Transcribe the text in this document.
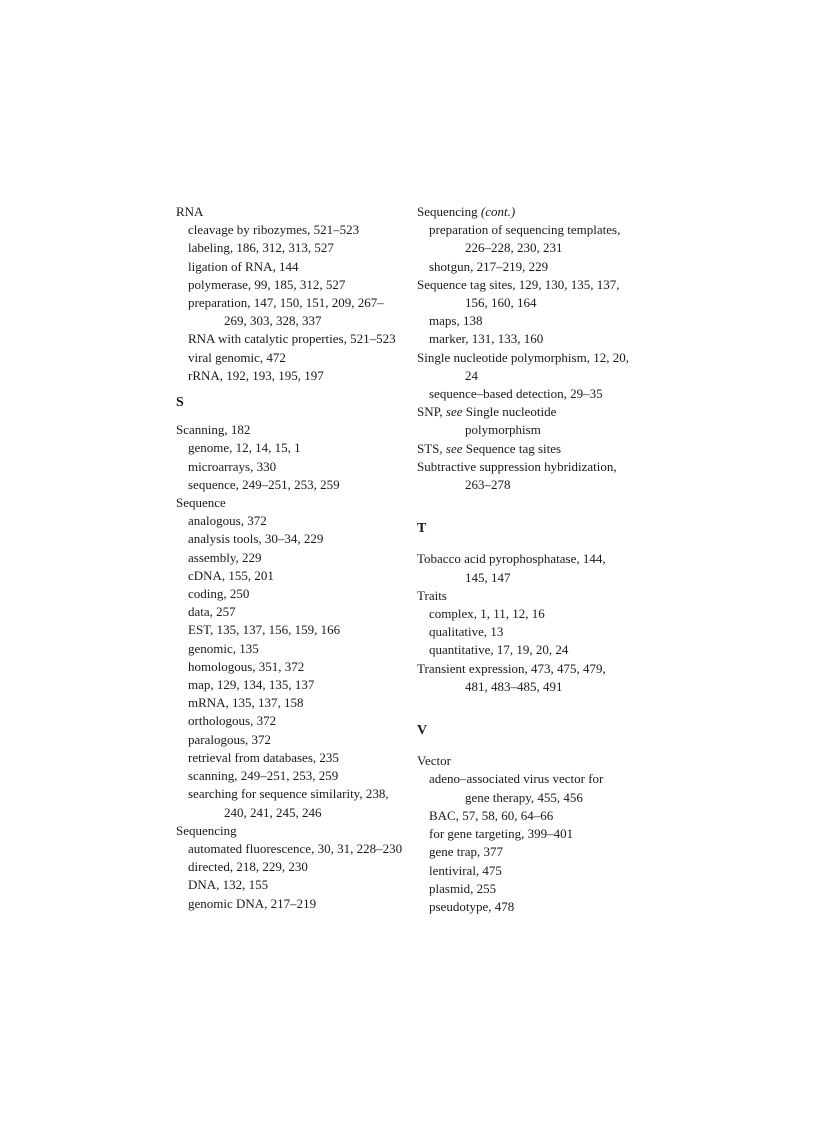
RNA
cleavage by ribozymes, 521–523
labeling, 186, 312, 313, 527
ligation of RNA, 144
polymerase, 99, 185, 312, 527
preparation, 147, 150, 151, 209, 267–
269, 303, 328, 337
RNA with catalytic properties, 521–523
viral genomic, 472
rRNA, 192, 193, 195, 197
S
Scanning, 182
genome, 12, 14, 15, 1
microarrays, 330
sequence, 249–251, 253, 259
Sequence
analogous, 372
analysis tools, 30–34, 229
assembly, 229
cDNA, 155, 201
coding, 250
data, 257
EST, 135, 137, 156, 159, 166
genomic, 135
homologous, 351, 372
map, 129, 134, 135, 137
mRNA, 135, 137, 158
orthologous, 372
paralogous, 372
retrieval from databases, 235
scanning, 249–251, 253, 259
searching for sequence similarity, 238,
240, 241, 245, 246
Sequencing
automated fluorescence, 30, 31, 228–230
directed, 218, 229, 230
DNA, 132, 155
genomic DNA, 217–219
Sequencing (cont.)
preparation of sequencing templates,
226–228, 230, 231
shotgun, 217–219, 229
Sequence tag sites, 129, 130, 135, 137,
156, 160, 164
maps, 138
marker, 131, 133, 160
Single nucleotide polymorphism, 12, 20,
24
sequence–based detection, 29–35
SNP, see Single nucleotide
polymorphism
STS, see Sequence tag sites
Subtractive suppression hybridization,
263–278
T
Tobacco acid pyrophosphatase, 144,
145, 147
Traits
complex, 1, 11, 12, 16
qualitative, 13
quantitative, 17, 19, 20, 24
Transient expression, 473, 475, 479,
481, 483–485, 491
V
Vector
adeno–associated virus vector for
gene therapy, 455, 456
BAC, 57, 58, 60, 64–66
for gene targeting, 399–401
gene trap, 377
lentiviral, 475
plasmid, 255
pseudotype, 478
